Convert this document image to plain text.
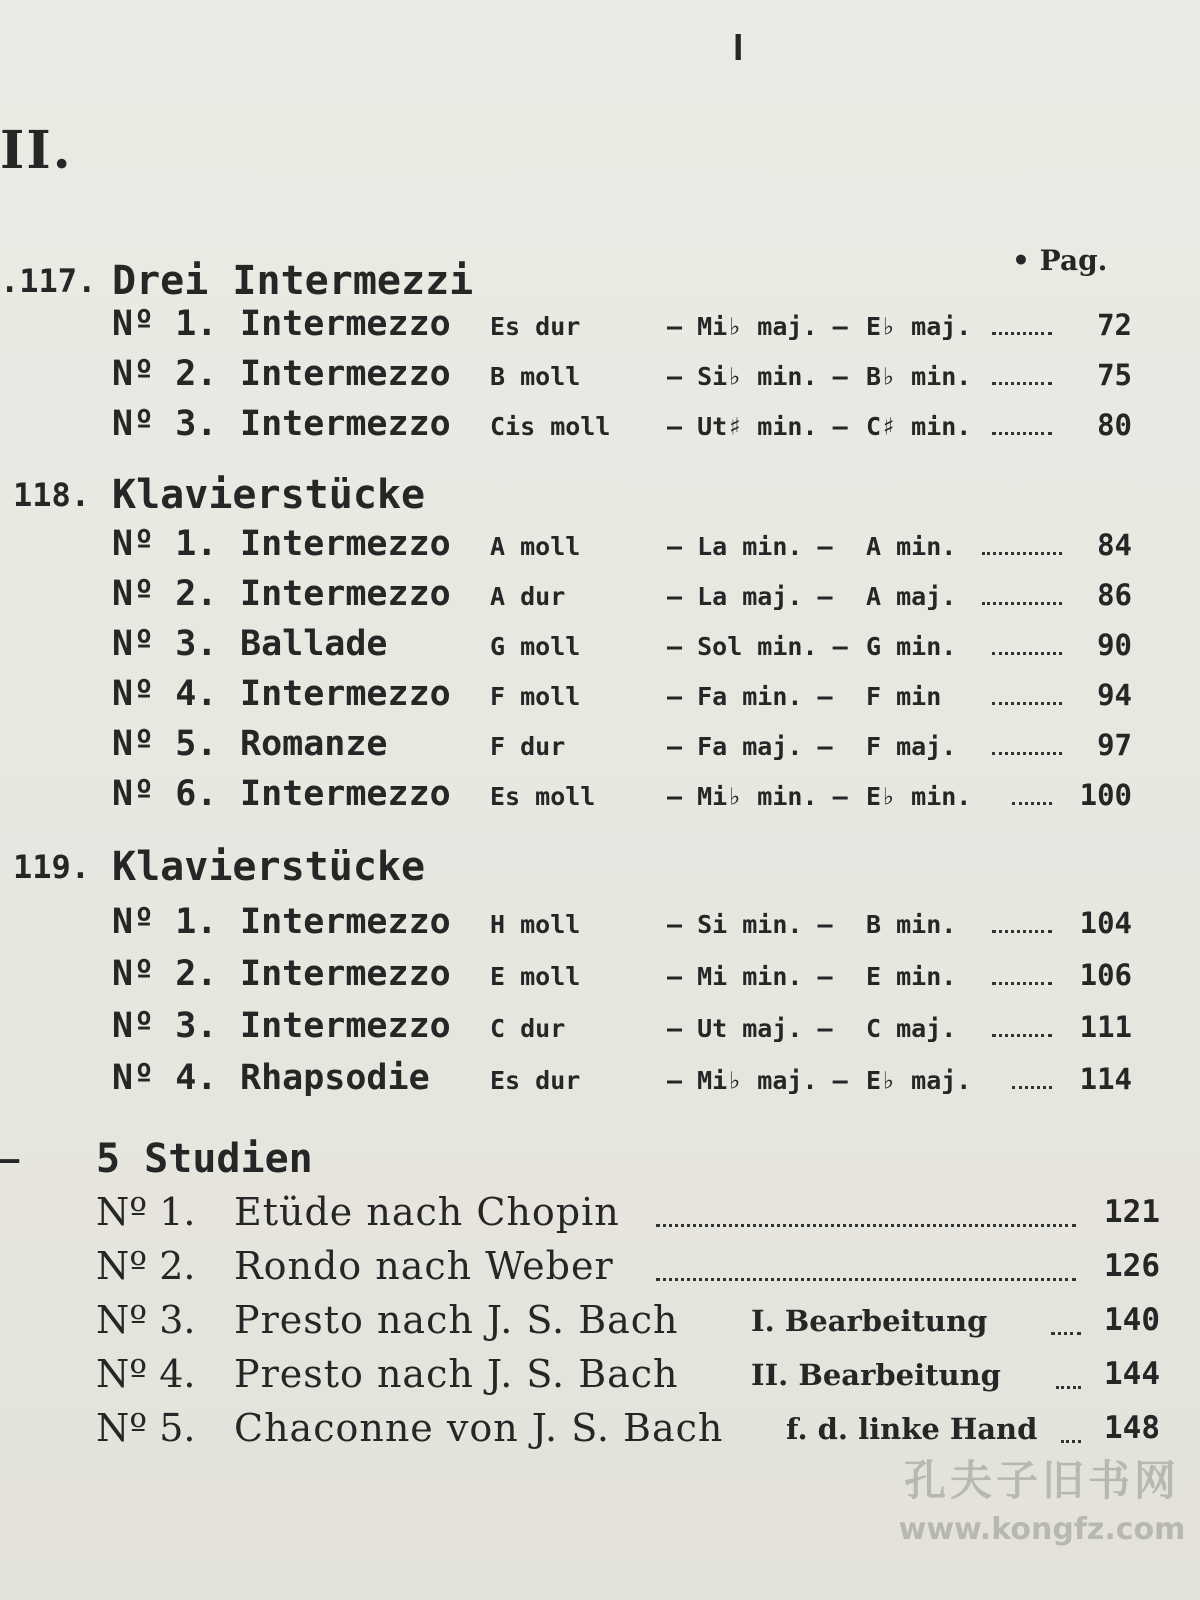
ǀ
II.
• Pag.
.117. Drei Intermezzi
Nº 1. Intermezzo Es dur	— Mi♭ maj. — E♭ maj.	72
Nº 2. Intermezzo B moll	— Si♭ min. — B♭ min.	75
Nº 3. Intermezzo Cis moll — Ut♯ min. — C♯ min.	80
118. Klavierstücke
Nº 1. Intermezzo A moll	— La min. — A min.	84
Nº 2. Intermezzo A dur	— La maj. — A maj.	86
Nº 3. Ballade	G moll	— Sol min. — G min.	90
Nº 4. Intermezzo F moll	— Fa min. — F min	94
Nº 5. Romanze	F dur	— Fa maj. — F maj.	97
Nº 6. Intermezzo Es moll	— Mi♭ min. — E♭ min.	100
119. Klavierstücke
Nº 1. Intermezzo H moll	— Si min. — B min.	104
Nº 2. Intermezzo E moll	— Mi min. — E min.	106
Nº 3. Intermezzo C dur	— Ut maj. — C maj.	111
Nº 4. Rhapsodie Es dur	— Mi♭ maj. — E♭ maj.	114
—	5 Studien
Nº 1. Etüde nach Chopin	121
Nº 2. Rondo nach Weber	126
Nº 3. Presto nach J. S. Bach I. Bearbeitung	140
Nº 4. Presto nach J. S. Bach II. Bearbeitung	144
Nº 5. Chaconne von J. S. Bach f. d. linke Hand 148
孔夫子旧书网
www.kongfz.com
